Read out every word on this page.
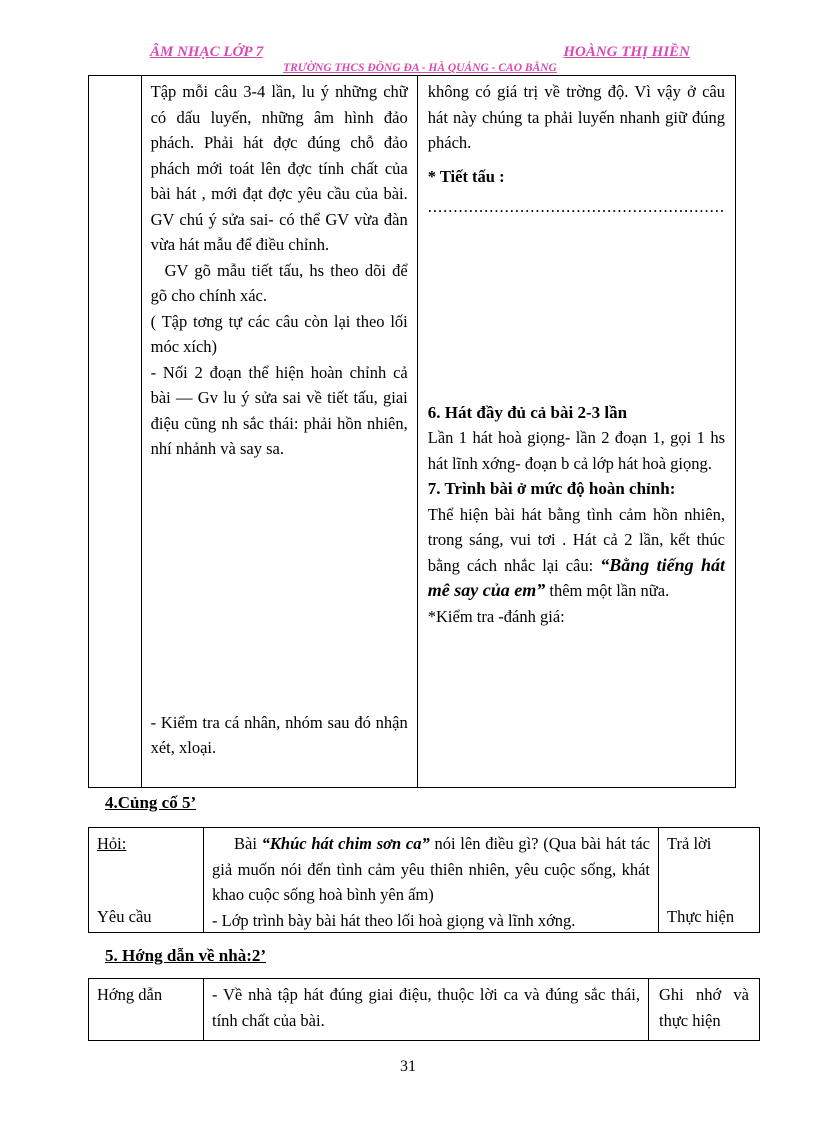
ÂM NHẠC LỚP 7	HOÀNG THỊ HIỀN
TRƯỜNG THCS ĐỒNG ĐA - HÀ QUẢNG - CAO BẰNG

Tập mỗi câu 3-4 lần, lu ý những chữ có dấu luyến, những âm hình đảo phách. Phải hát đợc đúng chỗ đảo phách mới toát lên đợc tính chất của bài hát , mới đạt đợc yêu cầu của bài. GV chú ý sửa sai- có thể GV vừa đàn vừa hát mẫu để điều chỉnh.

GV gõ mẫu tiết tấu, hs theo dõi để gõ cho chính xác.

( Tập tơng tự các câu còn lại theo lối móc xích)

- Nối 2 đoạn thể hiện hoàn chỉnh cả bài — Gv lu ý sửa sai về tiết tấu, giai điệu cũng nh sắc thái: phải hồn nhiên, nhí nhảnh và say sa.

- Kiểm tra cá nhân, nhóm sau đó nhận xét, xloại.

không có giá trị về trờng độ. Vì vậy ở câu hát này chúng ta phải luyến nhanh giữ đúng phách.

* Tiết tấu :

..........................................................

6. Hát đầy đủ cả bài 2-3 lần

Lần 1 hát hoà giọng- lần 2 đoạn 1, gọi 1 hs hát lĩnh xớng- đoạn b cả lớp hát hoà giọng.

7. Trình bài ở mức độ hoàn chỉnh:

Thể hiện bài hát bằng tình cảm hồn nhiên, trong sáng, vui tơi . Hát cả 2 lần, kết thúc bằng cách nhắc lại câu: “Bằng tiếng hát mê say của em” thêm một lần nữa.

*Kiểm tra -đánh giá:

4.Củng cố 5’
Hỏi:
Yêu cầu
Bài “Khúc hát chim sơn ca” nói lên điều gì? (Qua bài hát tác giả muốn nói đến tình cảm yêu thiên nhiên, yêu cuộc sống, khát khao cuộc sống hoà bình yên ấm)
- Lớp trình bày bài hát theo lối hoà giọng và lĩnh xớng.
Trả lời
Thực hiện
5. Hớng dẫn về nhà:2’
Hớng dẫn	- Về nhà tập hát đúng giai điệu, thuộc lời ca và đúng sắc thái, tính chất của bài.
Ghi nhớ và thực hiện
31
